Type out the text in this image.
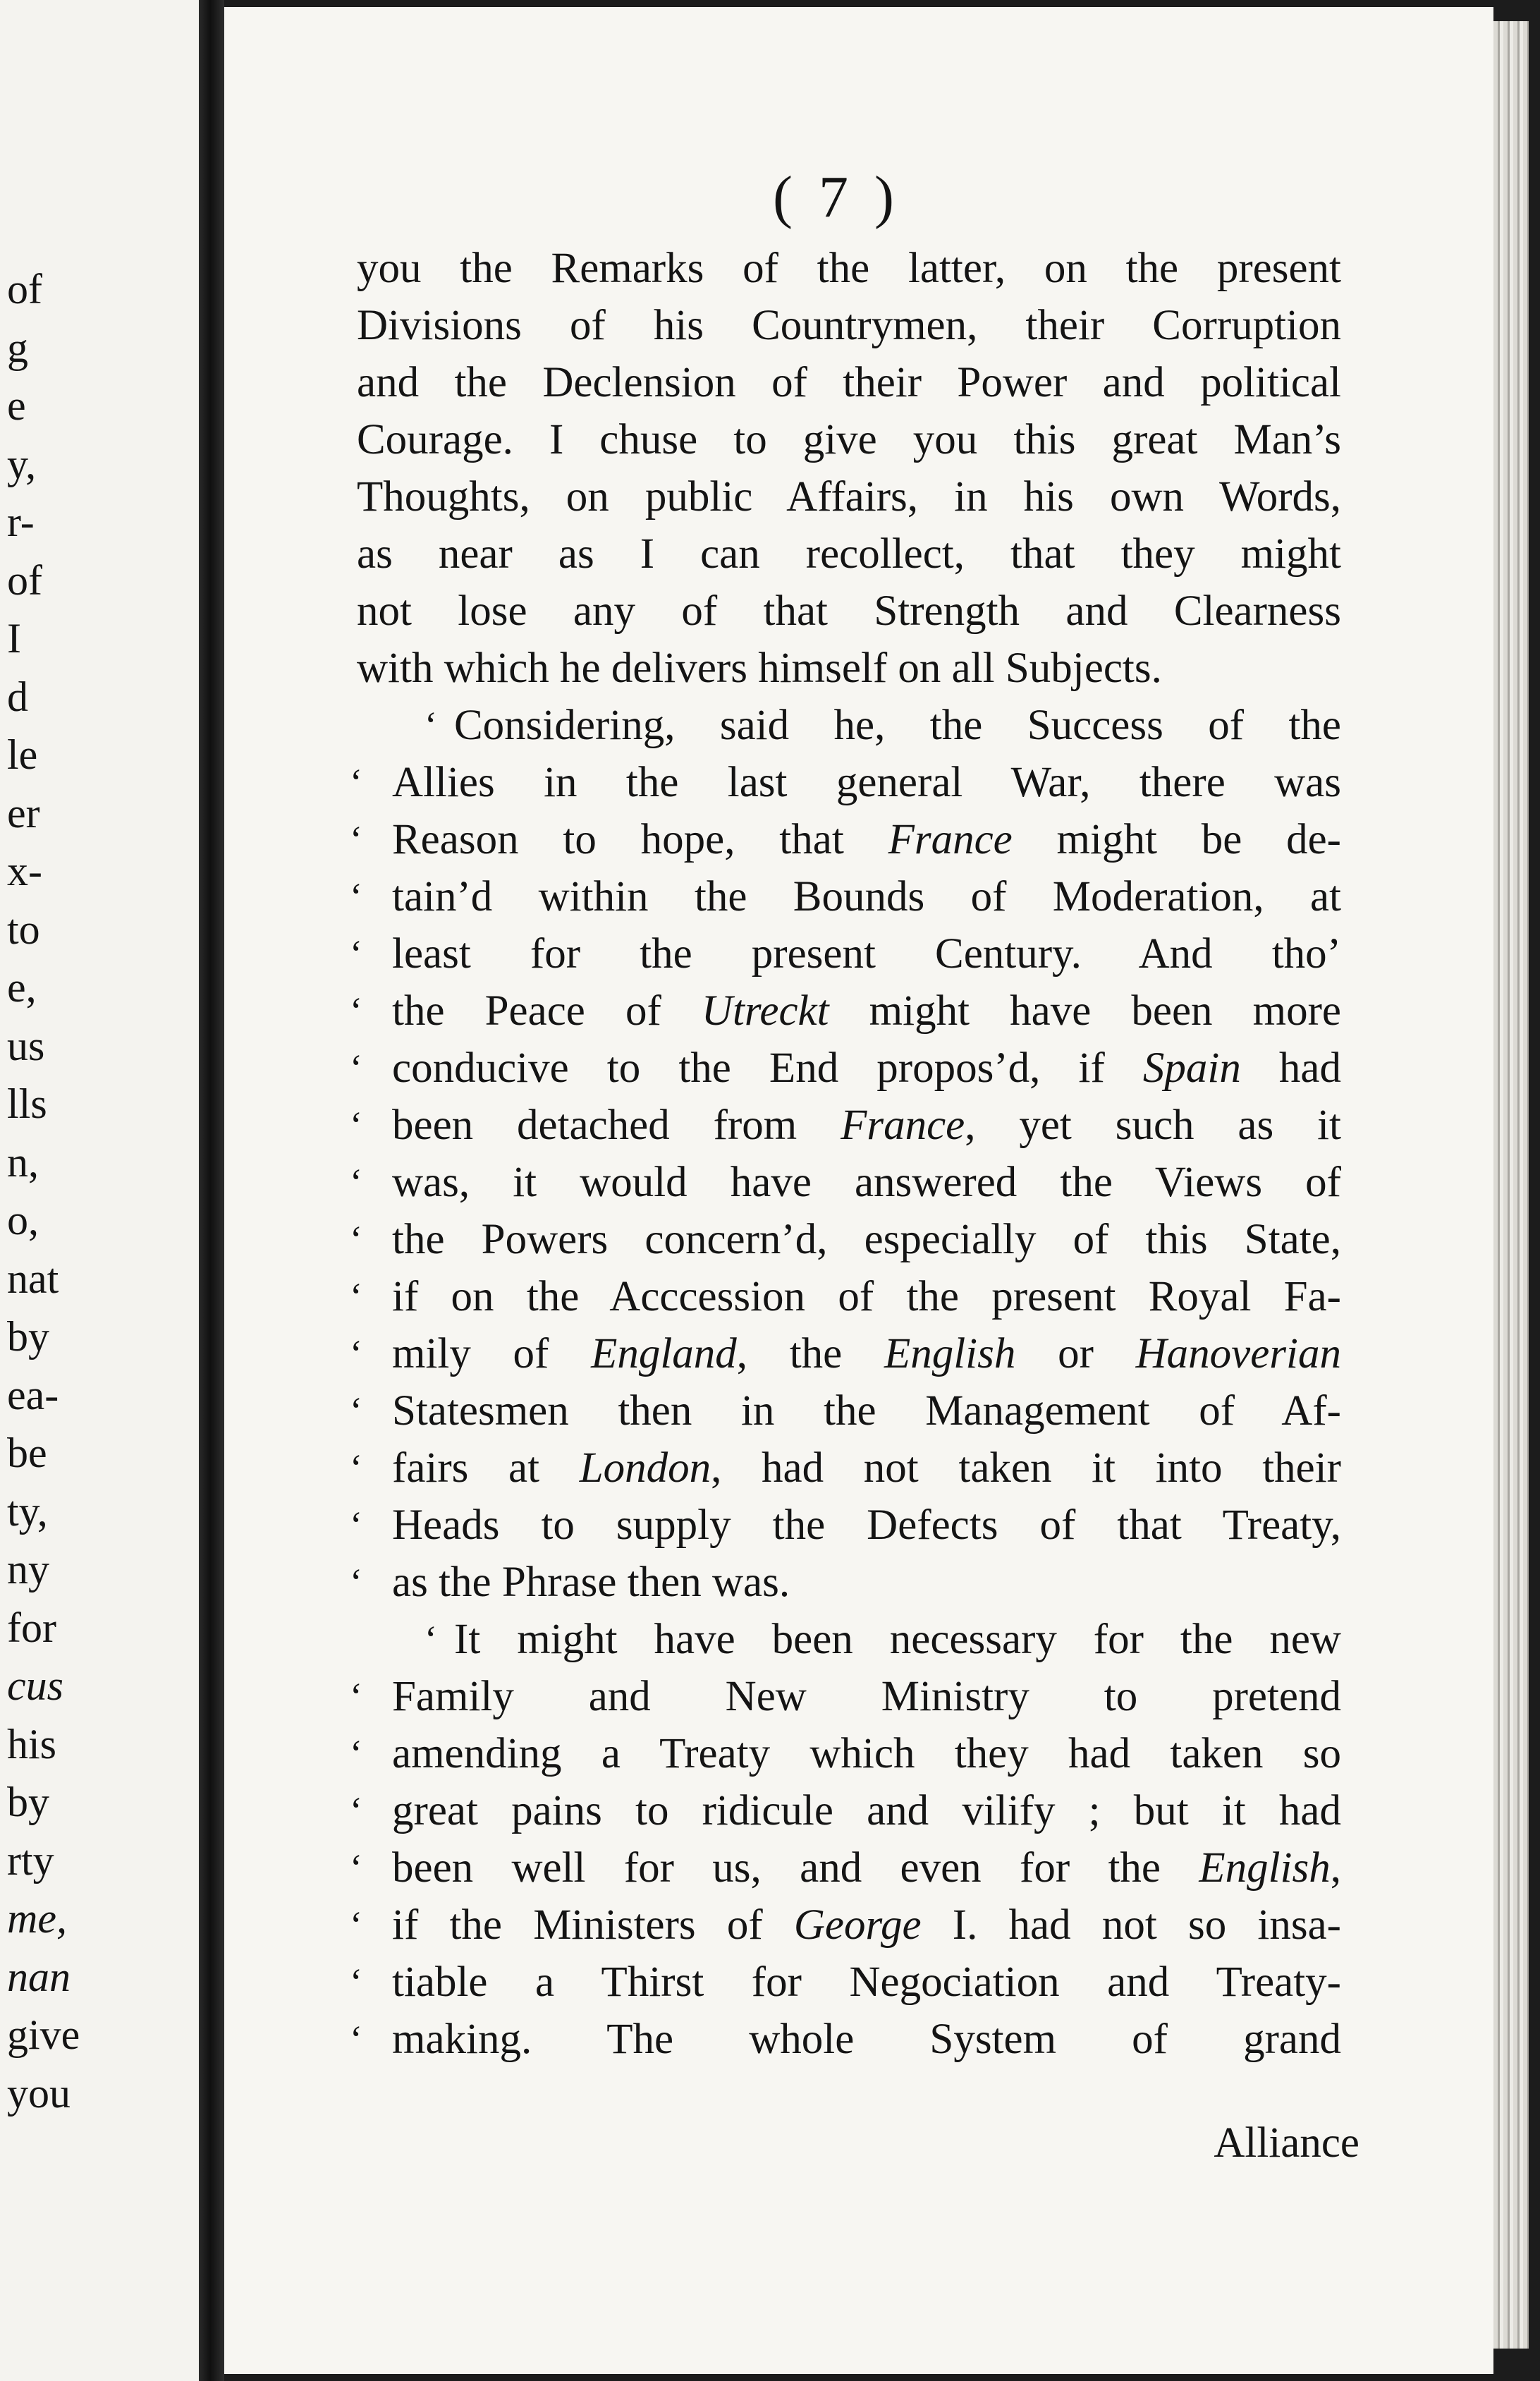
of
g
e
y,
r-
of
I
d
le
er
x-
to
e,
us
lls
n,
o,
nat
by
ea-
be
ty,
ny
for
cus
his
by
rty
me,
nan
give
you
( 7 )
you the Remarks of the latter, on the present
Divisions of his Countrymen, their Corruption
and the Declension of their Power and political
Courage. I chuse to give you this great Man’s
Thoughts, on public Affairs, in his own Words,
as near as I can recollect, that they might
not lose any of that Strength and Clearness
with which he delivers himself on all Subjects.
‘ Considering, said he, the Success of the
‘ Allies in the last general War, there was
‘ Reason to hope, that France might be de-
‘ tain’d within the Bounds of Moderation, at
‘ least for the present Century. And tho’
‘ the Peace of Utreckt might have been more
‘ conducive to the End propos’d, if Spain had
‘ been detached from France, yet such as it
‘ was, it would have answered the Views of
‘ the Powers concern’d, especially of this State,
‘ if on the Acccession of the present Royal Fa-
‘ mily of England, the English or Hanoverian
‘ Statesmen then in the Management of Af-
‘ fairs at London, had not taken it into their
‘ Heads to supply the Defects of that Treaty,
‘ as the Phrase then was.
‘ It might have been necessary for the new
‘ Family and New Ministry to pretend
‘ amending a Treaty which they had taken so
‘ great pains to ridicule and vilify ; but it had
‘ been well for us, and even for the English,
‘ if the Ministers of George I. had not so insa-
‘ tiable a Thirst for Negociation and Treaty-
‘ making. The whole System of grand
Alliance
